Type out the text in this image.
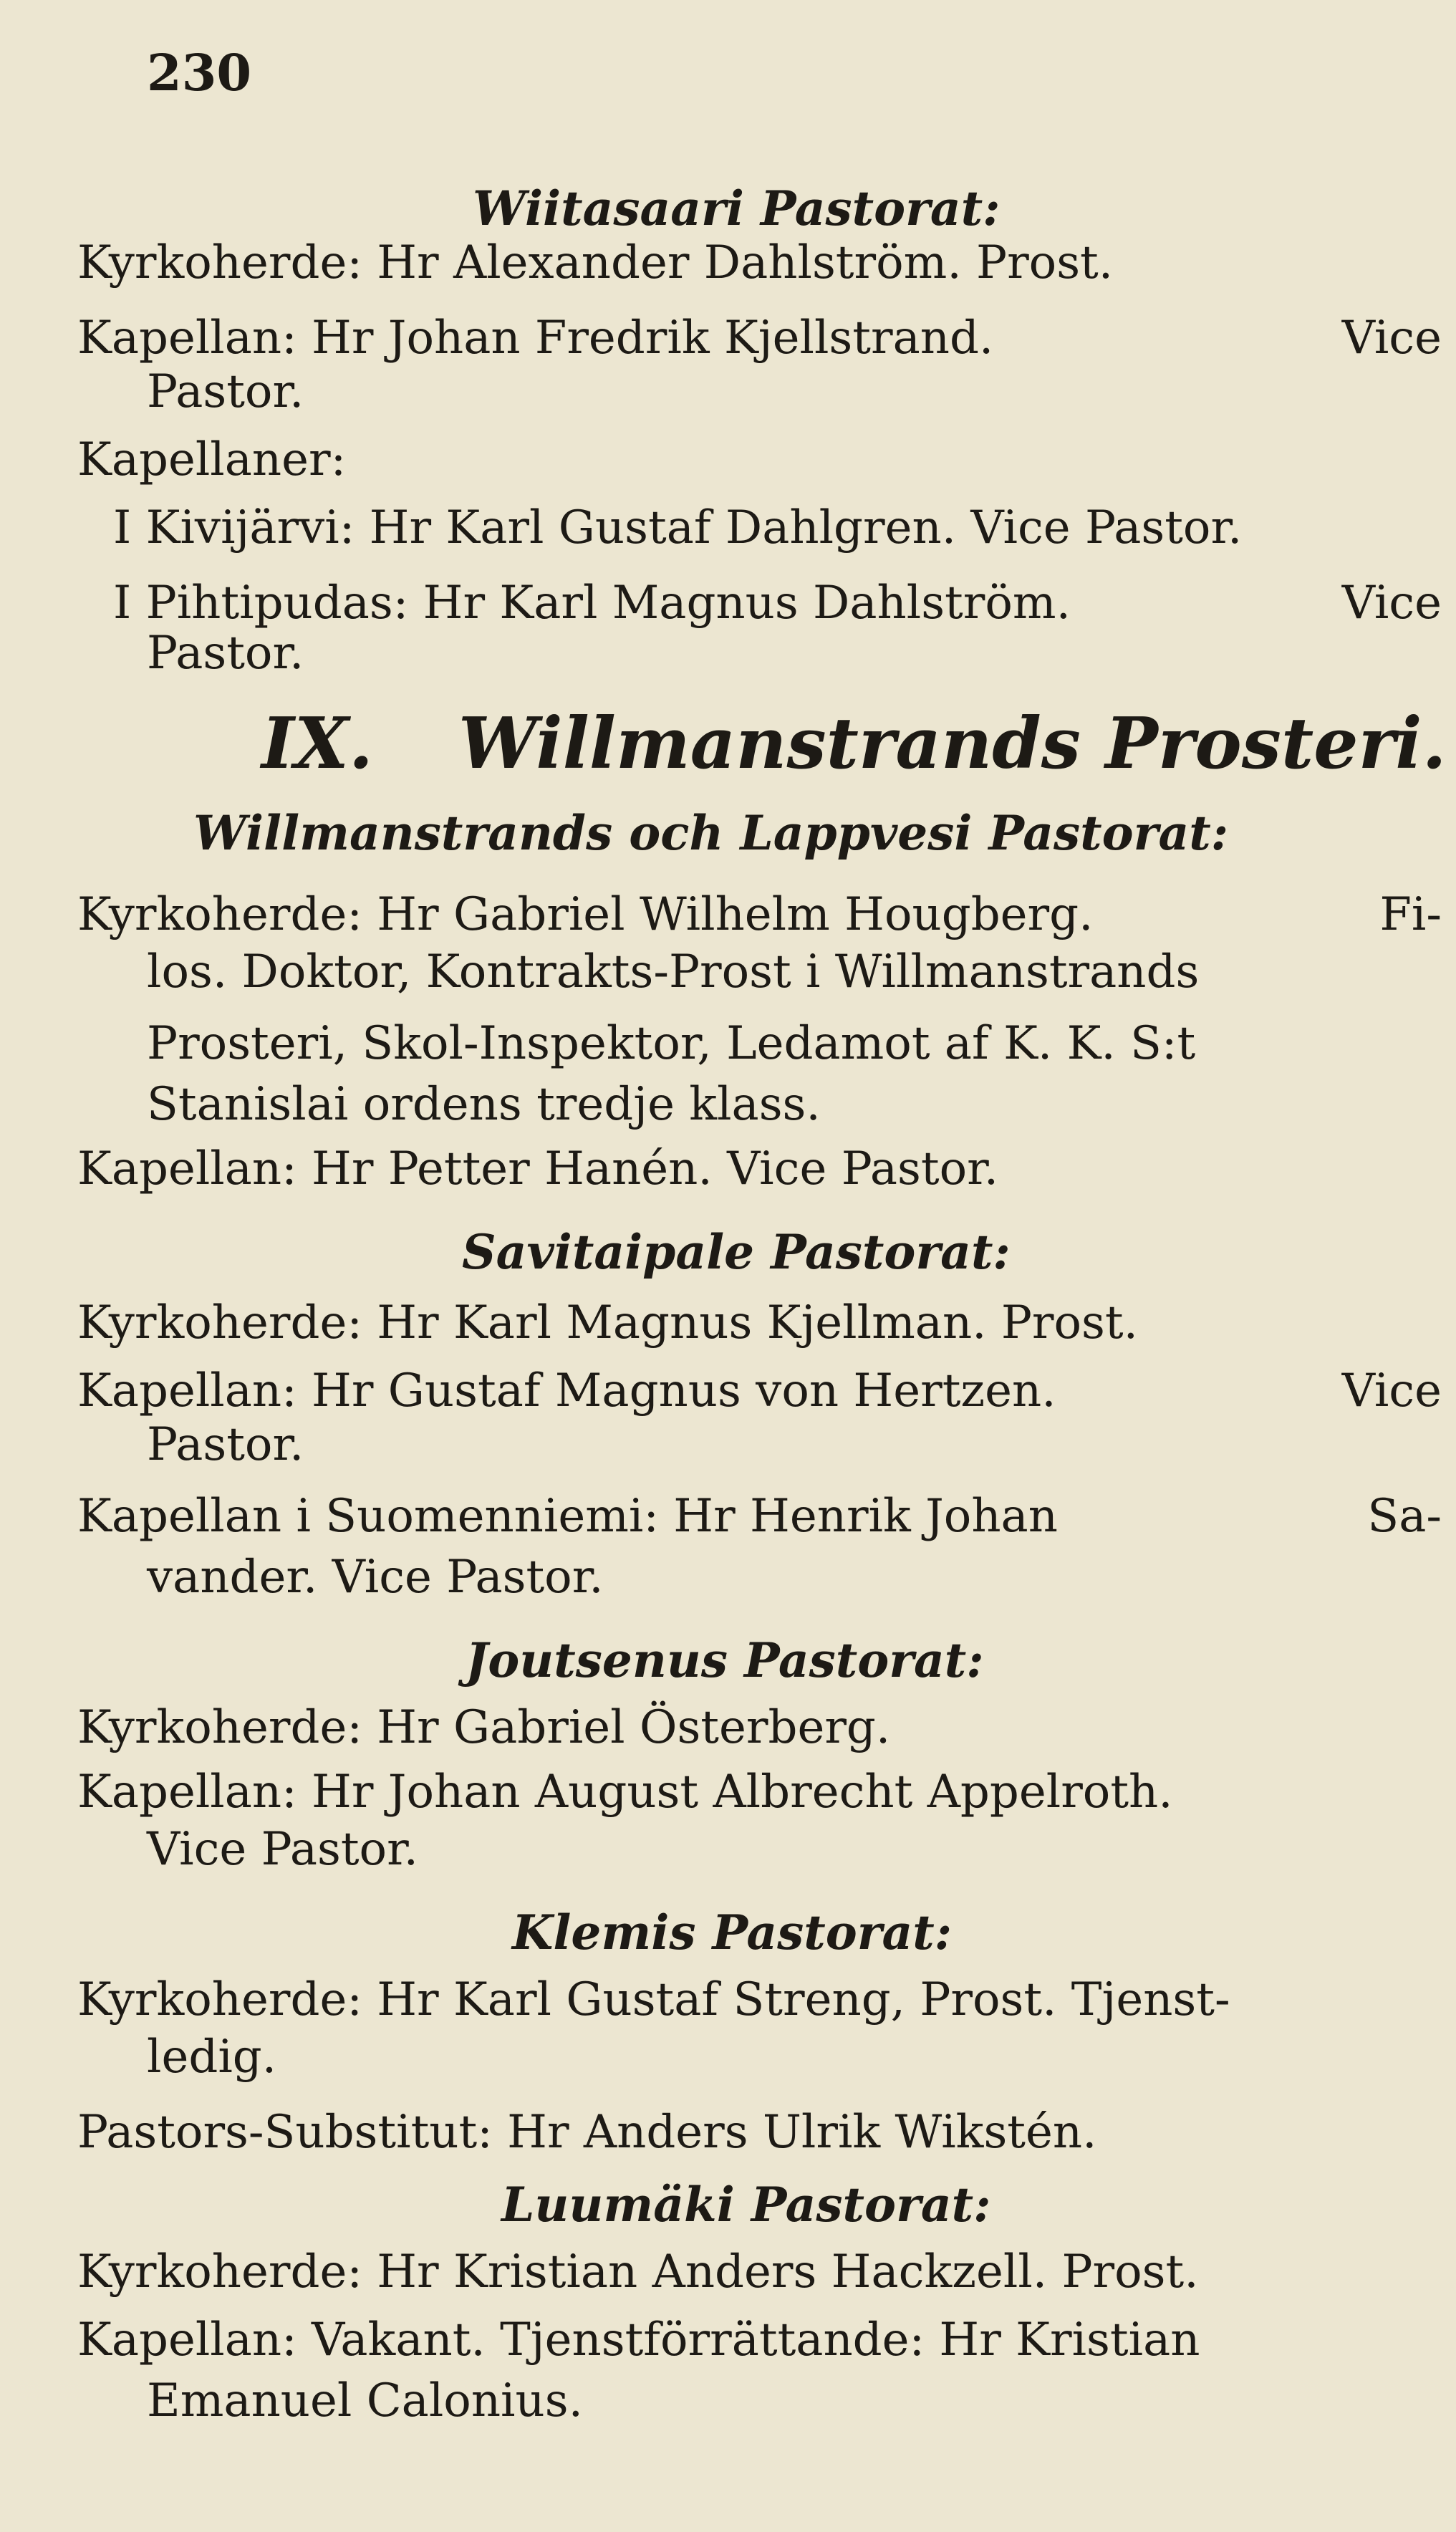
230
Wiitasaari Pastorat:
Kyrkoherde: Hr Alexander Dahlström. Prost.
Kapellan: Hr Johan Fredrik Kjellstrand.	Vice
Pastor.
Kapellaner:
I Kivijärvi: Hr Karl Gustaf Dahlgren. Vice Pastor.
I Pihtipudas: Hr Karl Magnus Dahlström.	Vice
Pastor.
IX. Willmanstrands Prosteri.
Willmanstrands och Lappvesi Pastorat:
Kyrkoherde: Hr Gabriel Wilhelm Hougberg.	Fi-
los. Doktor, Kontrakts-Prost i Willmanstrands
Prosteri, Skol-Inspektor, Ledamot af K. K. S:t
Stanislai ordens tredje klass.
Kapellan: Hr Petter Hanén. Vice Pastor.
Savitaipale Pastorat:
Kyrkoherde: Hr Karl Magnus Kjellman. Prost.
Kapellan: Hr Gustaf Magnus von Hertzen.	Vice
Pastor.
Kapellan i Suomenniemi: Hr Henrik Johan	Sa-
vander. Vice Pastor.
Joutsenus Pastorat:
Kyrkoherde: Hr Gabriel Österberg.
Kapellan: Hr Johan August Albrecht Appelroth.
Vice Pastor.
Klemis Pastorat:
Kyrkoherde: Hr Karl Gustaf Streng, Prost. Tjenst-
ledig.
Pastors-Substitut: Hr Anders Ulrik Wikstén.
Luumäki Pastorat:
Kyrkoherde: Hr Kristian Anders Hackzell. Prost.
Kapellan: Vakant. Tjenstförrättande: Hr Kristian
Emanuel Calonius.
